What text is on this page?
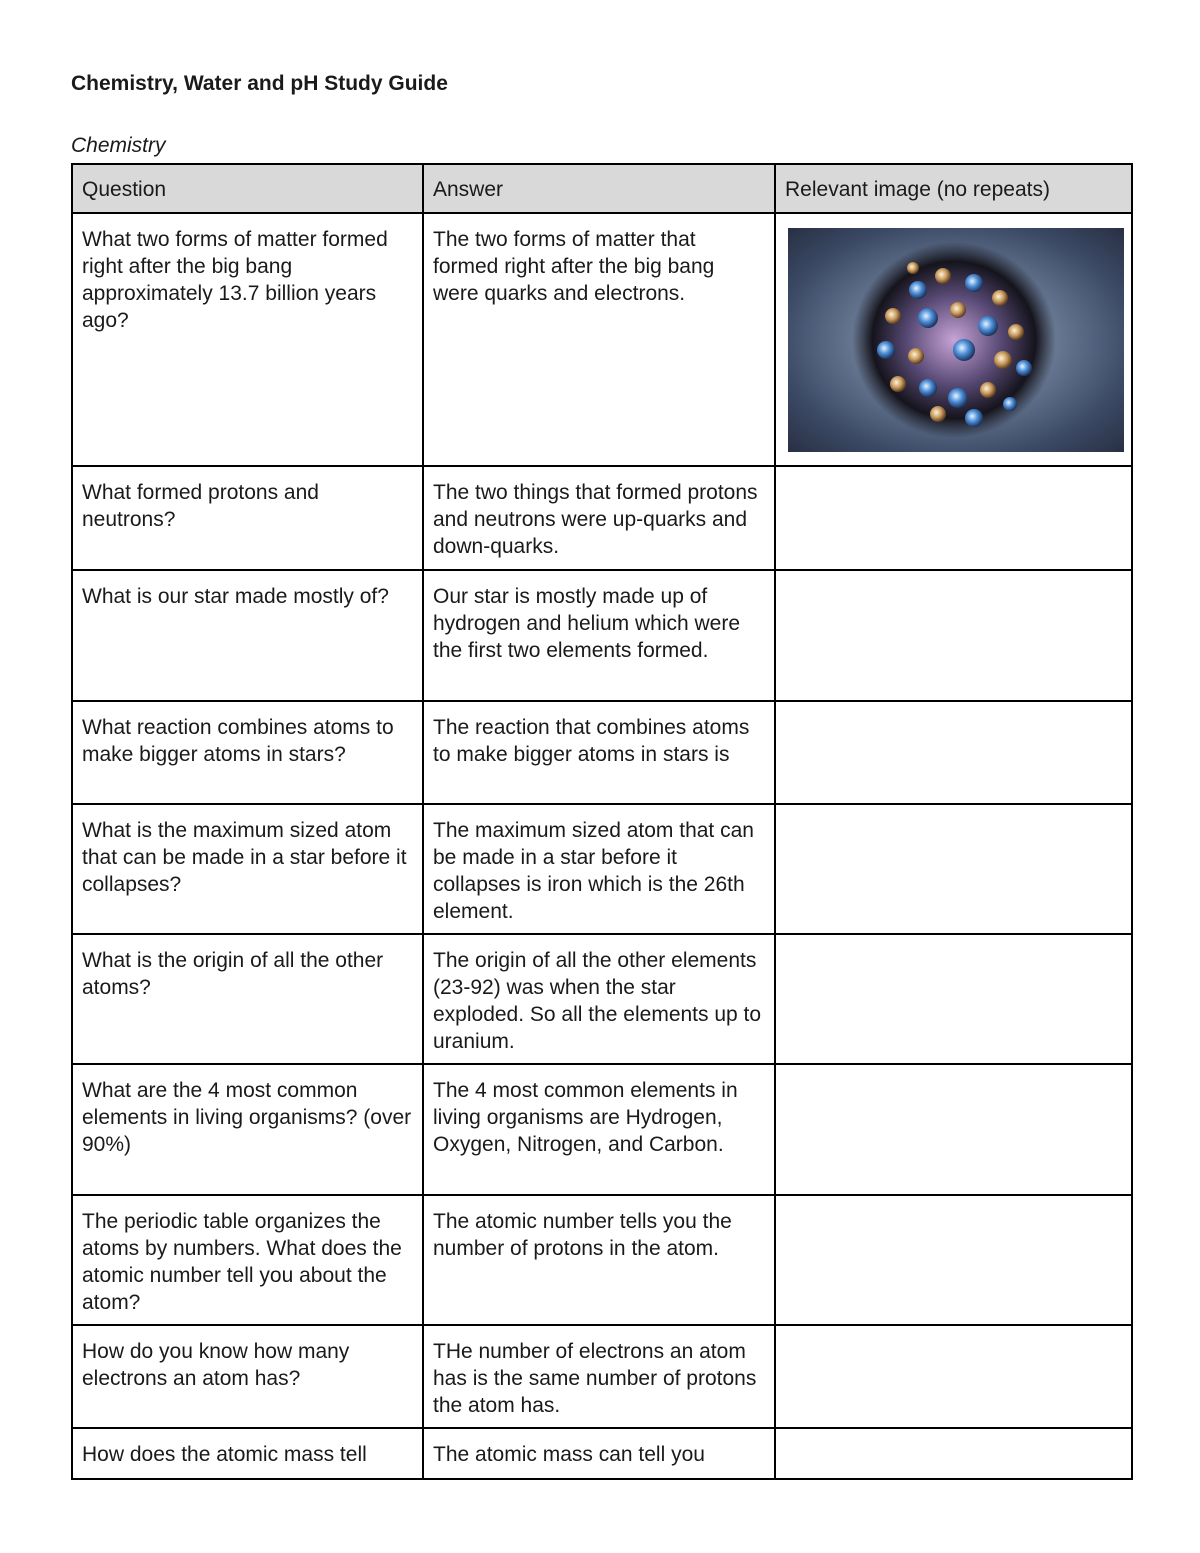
Chemistry, Water and pH Study Guide
Chemistry
Question	Answer	Relevant image (no repeats)
What two forms of matter formed right after the big bang approximately 13.7 billion years ago?	The two forms of matter that formed right after the big bang were quarks and electrons.	

What formed protons and neutrons?	The two things that formed protons and neutrons were up-quarks and down-quarks.	
What is our star made mostly of?	Our star is mostly made up of hydrogen and helium which were the first two elements formed.	
What reaction combines atoms to make bigger atoms in stars?	The reaction that combines atoms to make bigger atoms in stars is	
What is the maximum sized atom that can be made in a star before it collapses?	The maximum sized atom that can be made in a star before it collapses is iron which is the 26th element.	
What is the origin of all the other atoms?	The origin of all the other elements (23-92) was when the star exploded. So all the elements up to uranium.	
What are the 4 most common elements in living organisms? (over 90%)	The 4 most common elements in living organisms are Hydrogen, Oxygen, Nitrogen, and Carbon.	
The periodic table organizes the atoms by numbers. What does the atomic number tell you about the atom?	The atomic number tells you the number of protons in the atom.	
How do you know how many electrons an atom has?	THe number of electrons an atom has is the same number of protons the atom has.	
How does the atomic mass tell	The atomic mass can tell you	
